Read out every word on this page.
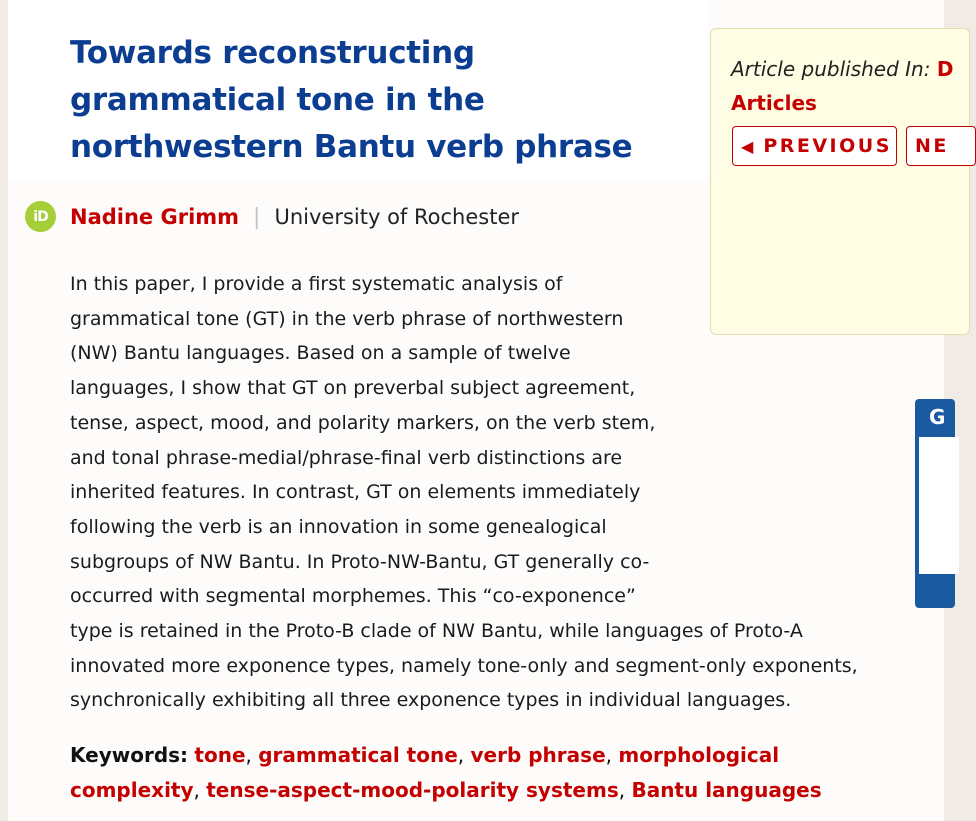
Towards reconstructing grammatical tone in the northwestern Bantu verb phrase
iD	Nadine Grimm | University of Rochester
In this paper, I provide a first systematic analysis of grammatical tone (GT) in the verb phrase of northwestern (NW) Bantu languages. Based on a sample of twelve languages, I show that GT on preverbal subject agreement, tense, aspect, mood, and polarity markers, on the verb stem, and tonal phrase-medial/phrase-final verb distinctions are inherited features. In contrast, GT on elements immediately following the verb is an innovation in some genealogical subgroups of NW Bantu. In Proto-NW-Bantu, GT generally co-occurred with segmental morphemes. This “co-exponence” type is retained in the Proto-B clade of NW Bantu, while languages of Proto-A innovated more exponence types, namely tone-only and segment-only exponents, synchronically exhibiting all three exponence types in individual languages.
Keywords: tone, grammatical tone, verb phrase, morphological complexity, tense-aspect-mood-polarity systems, Bantu languages
Article published In: D
Articles
◀ PREVIOUS NE
G
